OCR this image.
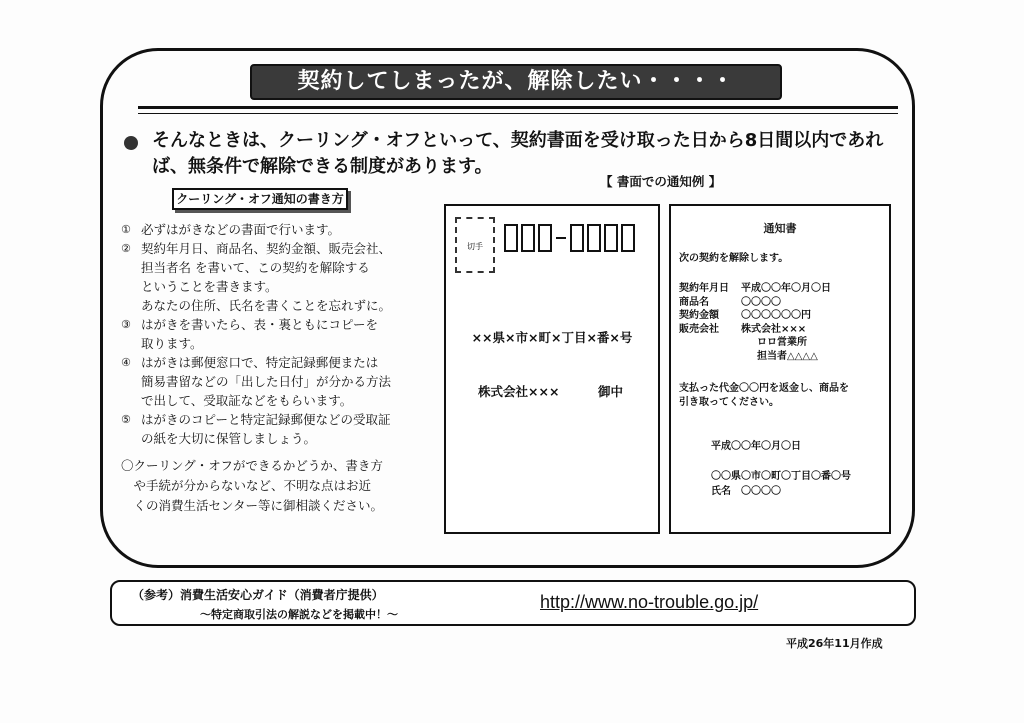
契約してしまったが、解除したい・・・・

そんなときは、クーリング・オフといって、契約書面を受け取った日から8日間以内であれ

ば、無条件で解除できる制度があります。

クーリング・オフ通知の書き方
① 必ずはがきなどの書面で行います。
② 契約年月日、商品名、契約金額、販売会社、
担当者名 を書いて、この契約を解除する
ということを書きます。
あなたの住所、氏名を書くことを忘れずに。
③ はがきを書いたら、表・裏ともにコピーを
取ります。
④ はがきは郵便窓口で、特定記録郵便または
簡易書留などの「出した日付」が分かる方法
で出して、受取証などをもらいます。
⑤ はがきのコピーと特定記録郵便などの受取証
の紙を大切に保管しましょう。
〇クーリング・オフができるかどうか、書き方
　や手続が分からないなど、不明な点はお近
　くの消費生活センター等に御相談ください。
【 書面での通知例 】
切手
××県×市×町×丁目×番×号
株式会社×××	御中
通知書
次の契約を解除します。
契約年月日	平成〇〇年〇月〇日
商品名	〇〇〇〇
契約金額	〇〇〇〇〇〇円
販売会社	株式会社×××
ロロ営業所
担当者△△△△
支払った代金〇〇円を返金し、商品を
引き取ってください。
平成〇〇年〇月〇日
〇〇県〇市〇町〇丁目〇番〇号
氏名　〇〇〇〇
（参考）消費生活安心ガイド（消費者庁提供）
～特定商取引法の解説などを掲載中！～
http://www.no-trouble.go.jp/
平成26年11月作成
